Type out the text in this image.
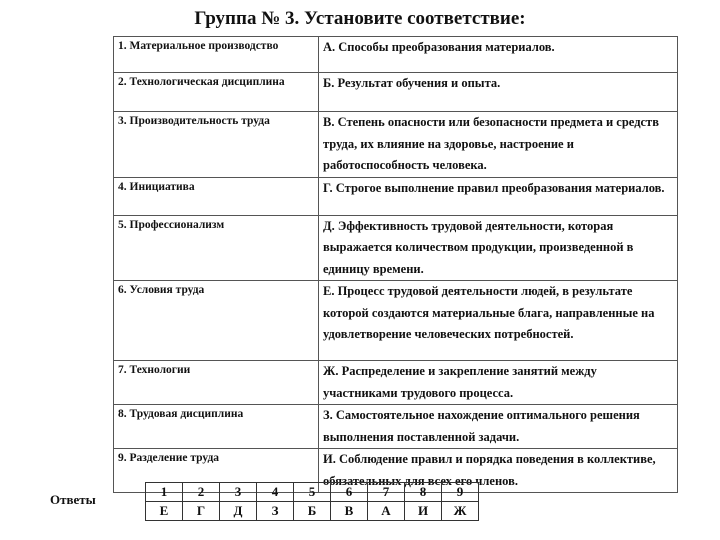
Группа № 3. Установите соответствие:
1. Материальное производство	А. Способы преобразования материалов.
2. Технологическая дисциплина	Б. Результат обучения и опыта.
3. Производительность труда	В. Степень опасности или безопасности предмета и средств труда, их влияние на здоровье, настроение и работоспособность человека.
4. Инициатива	Г. Строгое выполнение правил преобразования материалов.
5. Профессионализм	Д. Эффективность трудовой деятельности, которая выражается количеством продукции, произведенной в единицу времени.
6. Условия труда	Е. Процесс трудовой деятельности людей, в результате которой создаются материальные блага, направленные на удовлетворение человеческих потребностей.
7. Технологии	Ж. Распределение и закрепление занятий между участниками трудового процесса.
8. Трудовая дисциплина	З. Самостоятельное нахождение оптимального решения выполнения поставленной задачи.
9. Разделение труда	И. Соблюдение правил и порядка поведения в коллективе, обязательных для всех его членов.
Ответы
1	2	3	4	5	6	7	8	9
Е	Г	Д	З	Б	В	А	И	Ж
